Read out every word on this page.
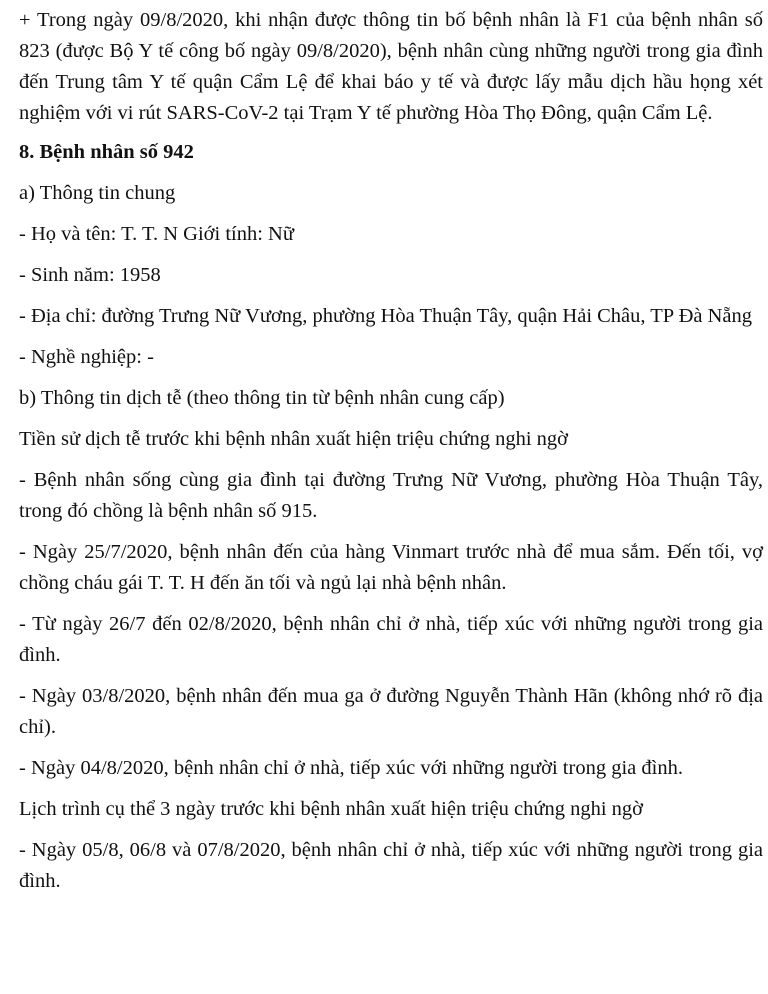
+ Trong ngày 09/8/2020, khi nhận được thông tin bố bệnh nhân là F1 của bệnh nhân số 823 (được Bộ Y tế công bố ngày 09/8/2020), bệnh nhân cùng những người trong gia đình đến Trung tâm Y tế quận Cẩm Lệ để khai báo y tế và được lấy mẫu dịch hầu họng xét nghiệm với vi rút SARS-CoV-2 tại Trạm Y tế phường Hòa Thọ Đông, quận Cẩm Lệ.

8. Bệnh nhân số 942

a) Thông tin chung

- Họ và tên: T. T. N Giới tính: Nữ

- Sinh năm: 1958

- Địa chỉ: đường Trưng Nữ Vương, phường Hòa Thuận Tây, quận Hải Châu, TP Đà Nẵng

- Nghề nghiệp: -

b) Thông tin dịch tễ (theo thông tin từ bệnh nhân cung cấp)

Tiền sử dịch tễ trước khi bệnh nhân xuất hiện triệu chứng nghi ngờ

- Bệnh nhân sống cùng gia đình tại đường Trưng Nữ Vương, phường Hòa Thuận Tây, trong đó chồng là bệnh nhân số 915.

- Ngày 25/7/2020, bệnh nhân đến của hàng Vinmart trước nhà để mua sắm. Đến tối, vợ chồng cháu gái T. T. H đến ăn tối và ngủ lại nhà bệnh nhân.

- Từ ngày 26/7 đến 02/8/2020, bệnh nhân chỉ ở nhà, tiếp xúc với những người trong gia đình.

- Ngày 03/8/2020, bệnh nhân đến mua ga ở đường Nguyễn Thành Hãn (không nhớ rõ địa chỉ).

- Ngày 04/8/2020, bệnh nhân chỉ ở nhà, tiếp xúc với những người trong gia đình.

Lịch trình cụ thể 3 ngày trước khi bệnh nhân xuất hiện triệu chứng nghi ngờ

- Ngày 05/8, 06/8 và 07/8/2020, bệnh nhân chỉ ở nhà, tiếp xúc với những người trong gia đình.
